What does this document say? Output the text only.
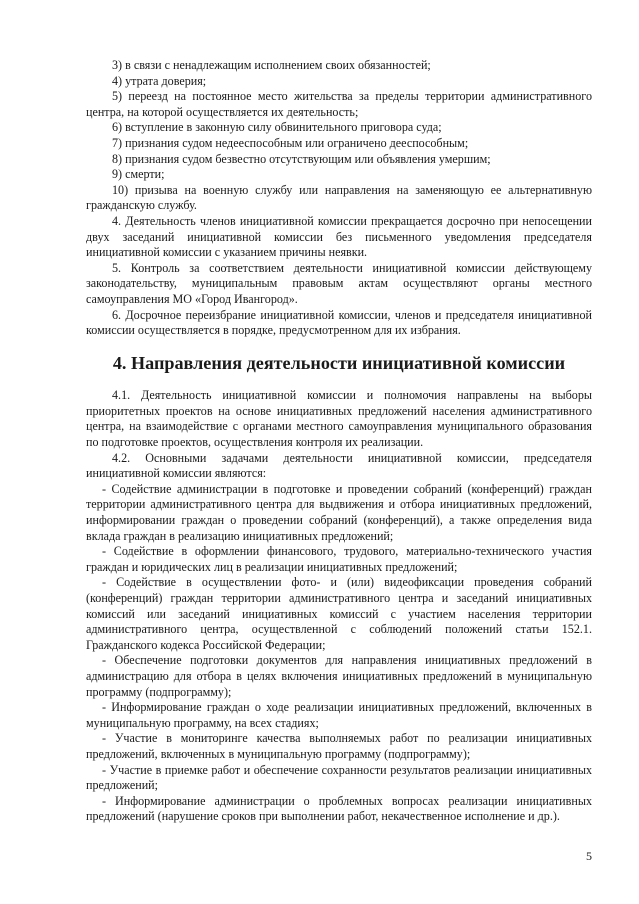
3) в связи с ненадлежащим исполнением своих обязанностей;

4) утрата доверия;

5) переезд на постоянное место жительства за пределы территории административного центра, на которой осуществляется их деятельность;

6) вступление в законную силу обвинительного приговора суда;

7) признания судом недееспособным или ограничено дееспособным;

8) признания судом безвестно отсутствующим или объявления умершим;

9) смерти;

10) призыва на военную службу или направления на заменяющую ее альтернативную гражданскую службу.

4. Деятельность членов инициативной комиссии прекращается досрочно при непосещении двух заседаний инициативной комиссии без письменного уведомления председателя инициативной комиссии с указанием причины неявки.

5. Контроль за соответствием деятельности инициативной комиссии действующему законодательству, муниципальным правовым актам осуществляют органы местного самоуправления МО «Город Ивангород».

6. Досрочное переизбрание инициативной комиссии, членов и председателя инициативной комиссии осуществляется в порядке, предусмотренном для их избрания.

4. Направления деятельности инициативной комиссии

4.1. Деятельность инициативной комиссии и полномочия направлены на выборы приоритетных проектов на основе инициативных предложений населения административного центра, на взаимодействие с органами местного самоуправления муниципального образования по подготовке проектов, осуществления контроля их реализации.

4.2. Основными задачами деятельности инициативной комиссии, председателя инициативной комиссии являются:

- Содействие администрации в подготовке и проведении собраний (конференций) граждан территории административного центра для выдвижения и отбора инициативных предложений, информировании граждан о проведении собраний (конференций), а также определения вида вклада граждан в реализацию инициативных предложений;

- Содействие в оформлении финансового, трудового, материально-технического участия граждан и юридических лиц в реализации инициативных предложений;

- Содействие в осуществлении фото- и (или) видеофиксации проведения собраний (конференций) граждан территории административного центра и заседаний инициативных комиссий или заседаний инициативных комиссий с участием населения территории административного центра, осуществленной с соблюдений положений статьи 152.1. Гражданского кодекса Российской Федерации;

- Обеспечение подготовки документов для направления инициативных предложений в администрацию для отбора в целях включения инициативных предложений в муниципальную программу (подпрограмму);

- Информирование граждан о ходе реализации инициативных предложений, включенных в муниципальную программу, на всех стадиях;

- Участие в мониторинге качества выполняемых работ по реализации инициативных предложений, включенных в муниципальную программу (подпрограмму);

- Участие в приемке работ и обеспечение сохранности результатов реализации инициативных предложений;

- Информирование администрации о проблемных вопросах реализации инициативных предложений (нарушение сроков при выполнении работ, некачественное исполнение и др.).

5
